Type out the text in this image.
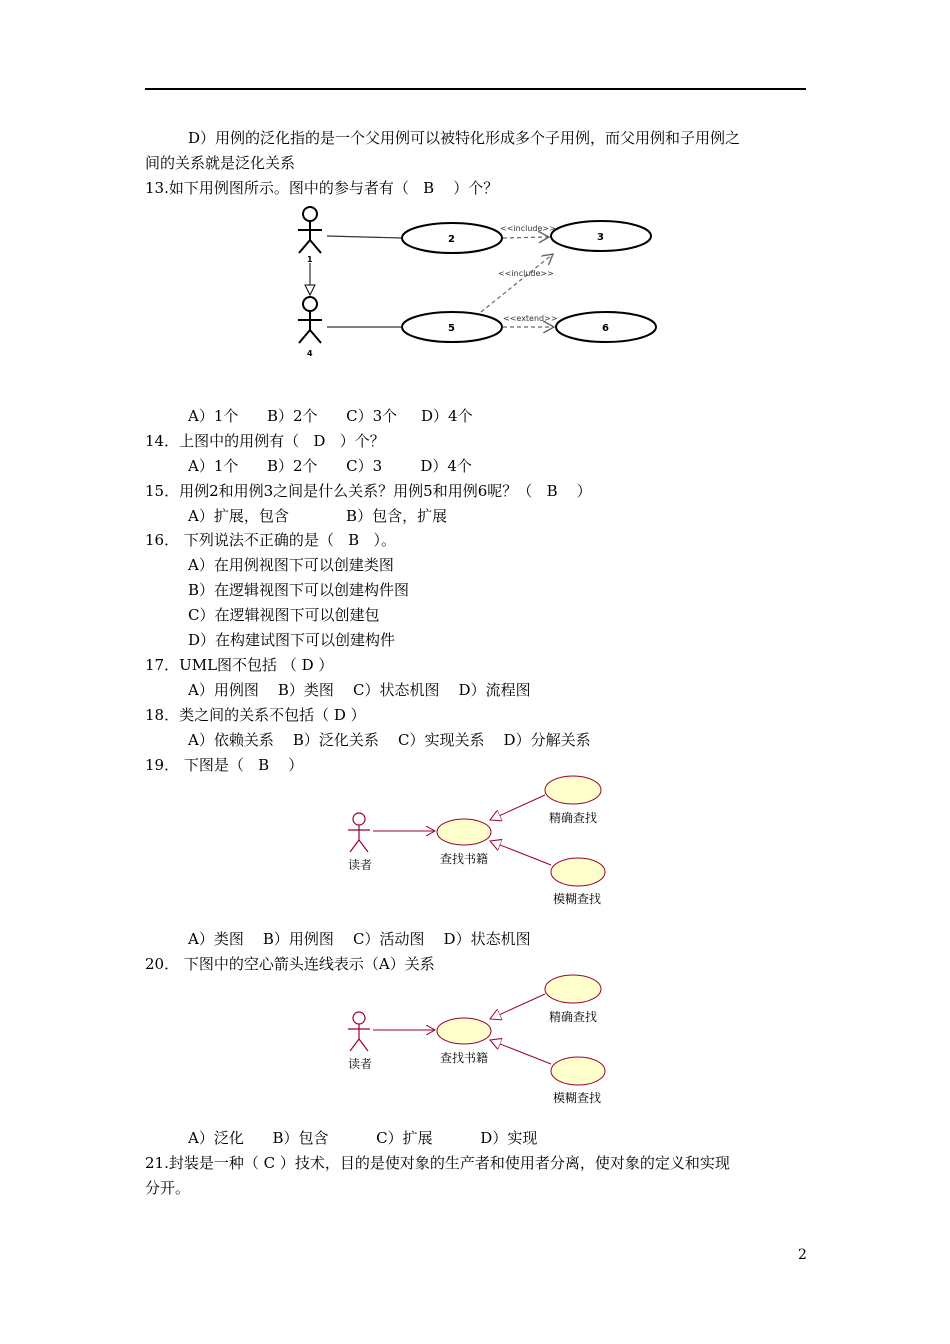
D）用例的泛化指的是一个父用例可以被特化形成多个子用例，而父用例和子用例之
间的关系就是泛化关系
13.如下用例图所示。图中的参与者有（   B    ）个？
1
4
2	3
5	6
<<include>>
<<include>>
<<extend>>
A）1个      B）2个      C）3个     D）4个
14．上图中的用例有（   D   ）个？
A）1个      B）2个      C）3        D）4个
15．用例2和用例3之间是什么关系？用例5和用例6呢？（   B    ）
A）扩展，包含            B）包含，扩展
16． 下列说法不正确的是（   B   ）。
A）在用例视图下可以创建类图
B）在逻辑视图下可以创建构件图
C）在逻辑视图下可以创建包
D）在构建试图下可以创建构件
17．UML图不包括 （ D ）
A）用例图    B）类图    C）状态机图    D）流程图
18．类之间的关系不包括（ D ）
A）依赖关系    B）泛化关系    C）实现关系    D）分解关系
19． 下图是（   B    ）
读者	查找书籍
精确查找
模糊查找
A）类图    B）用例图    C）活动图    D）状态机图
20． 下图中的空心箭头连线表示（A）关系
读者	查找书籍
精确查找
模糊查找
A）泛化      B）包含          C）扩展          D）实现
21.封装是一种（ C ）技术，目的是使对象的生产者和使用者分离，使对象的定义和实现
分开。
2
